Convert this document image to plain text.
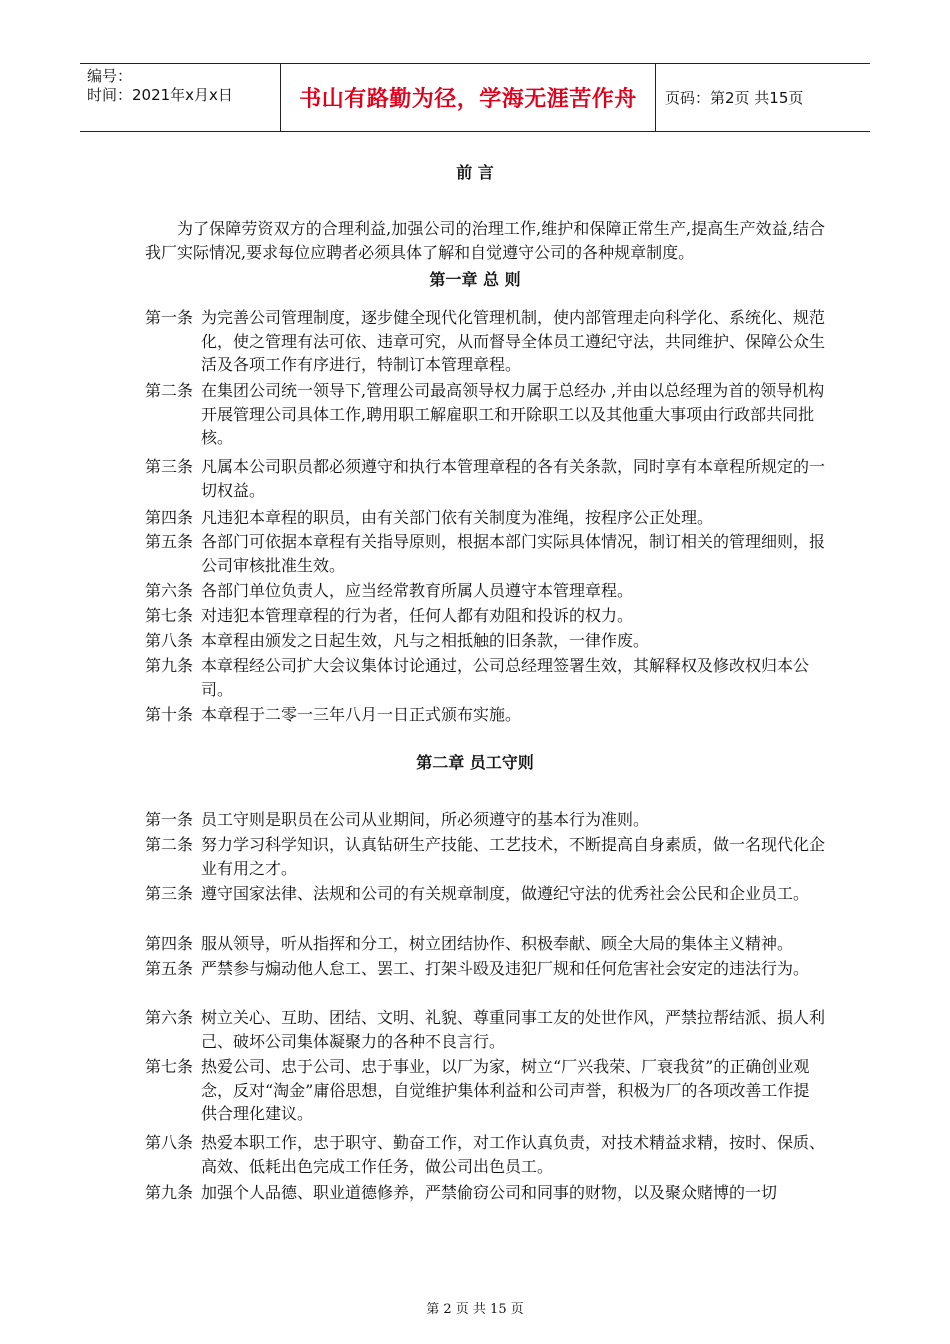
编号：
时间：2021年x月x日	书山有路勤为径，学海无涯苦作舟	页码：第2页 共15页
前 言
为了保障劳资双方的合理利益,加强公司的治理工作,维护和保障正常生产,提高生产效益,结合我厂实际情况,要求每位应聘者必须具体了解和自觉遵守公司的各种规章制度。
第一章 总 则
第一条 为完善公司管理制度，逐步健全现代化管理机制，使内部管理走向科学化、系统化、规范化，使之管理有法可依、违章可究，从而督导全体员工遵纪守法，共同维护、保障公众生活及各项工作有序进行，特制订本管理章程。
第二条 在集团公司统一领导下,管理公司最高领导权力属于总经办 ,并由以总经理为首的领导机构开展管理公司具体工作,聘用职工解雇职工和开除职工以及其他重大事项由行政部共同批核。
第三条 凡属本公司职员都必须遵守和执行本管理章程的各有关条款，同时享有本章程所规定的一切权益。
第四条 凡违犯本章程的职员，由有关部门依有关制度为准绳，按程序公正处理。
第五条 各部门可依据本章程有关指导原则，根据本部门实际具体情况，制订相关的管理细则，报公司审核批准生效。
第六条 各部门单位负责人，应当经常教育所属人员遵守本管理章程。
第七条 对违犯本管理章程的行为者，任何人都有劝阻和投诉的权力。
第八条 本章程由颁发之日起生效，凡与之相抵触的旧条款，一律作废。
第九条 本章程经公司扩大会议集体讨论通过，公司总经理签署生效，其解释权及修改权归本公司。
第十条 本章程于二零一三年八月一日正式颁布实施。
第二章 员工守则
第一条 员工守则是职员在公司从业期间，所必须遵守的基本行为准则。
第二条 努力学习科学知识，认真钻研生产技能、工艺技术，不断提高自身素质，做一名现代化企业有用之才。
第三条 遵守国家法律、法规和公司的有关规章制度，做遵纪守法的优秀社会公民和企业员工。
第四条 服从领导，听从指挥和分工，树立团结协作、积极奉献、顾全大局的集体主义精神。
第五条 严禁参与煽动他人怠工、罢工、打架斗殴及违犯厂规和任何危害社会安定的违法行为。
第六条 树立关心、互助、团结、文明、礼貌、尊重同事工友的处世作风，严禁拉帮结派、损人利己、破坏公司集体凝聚力的各种不良言行。
第七条 热爱公司、忠于公司、忠于事业，以厂为家，树立“厂兴我荣、厂衰我贫”的正确创业观念，反对“淘金”庸俗思想，自觉维护集体利益和公司声誉，积极为厂的各项改善工作提供合理化建议。
第八条 热爱本职工作，忠于职守、勤奋工作，对工作认真负责，对技术精益求精，按时、保质、高效、低耗出色完成工作任务，做公司出色员工。
第九条 加强个人品德、职业道德修养，严禁偷窃公司和同事的财物，以及聚众赌博的一切
第 2 页 共 15 页
